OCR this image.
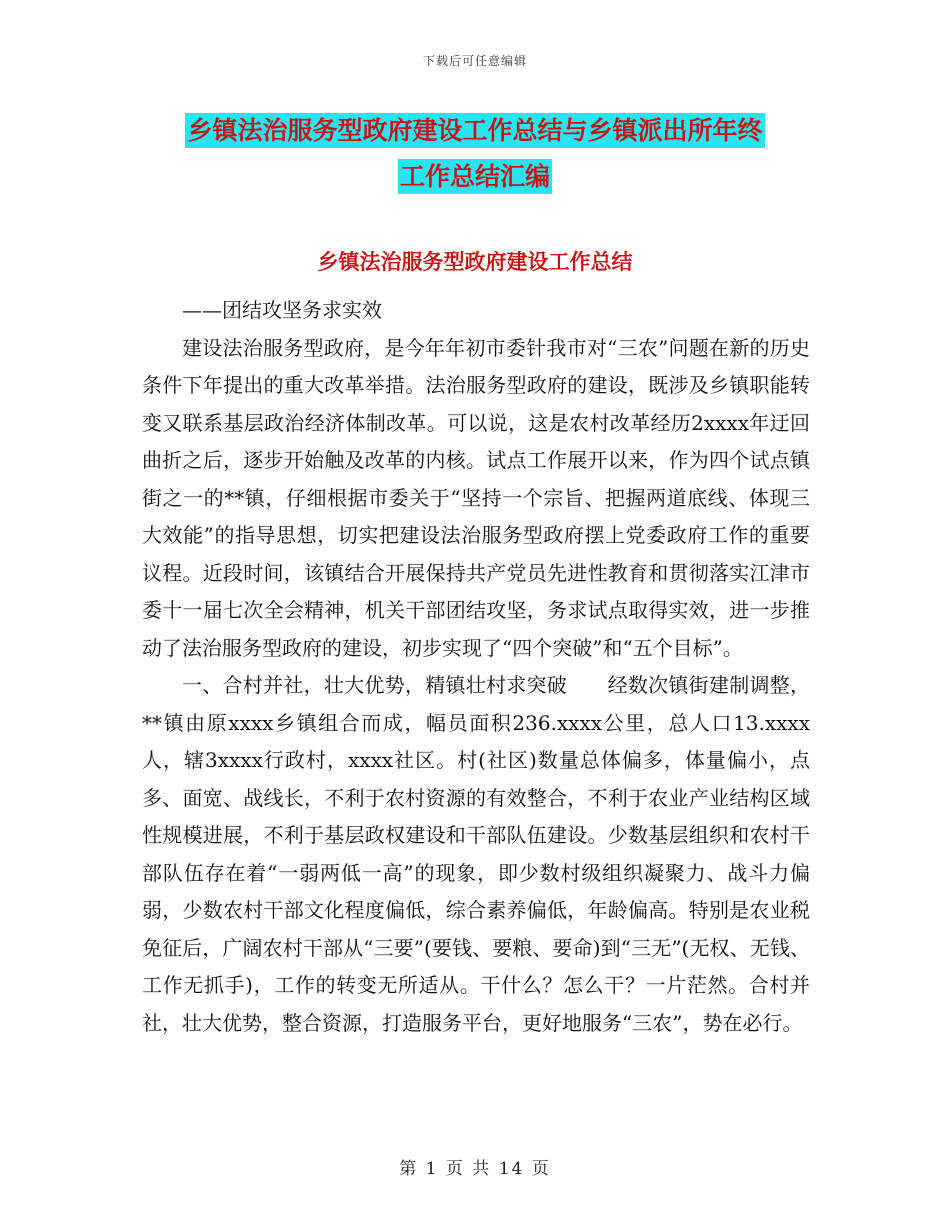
下载后可任意编辑
乡镇法治服务型政府建设工作总结与乡镇派出所年终
工作总结汇编
乡镇法治服务型政府建设工作总结

——团结攻坚务求实效

建设法治服务型政府，是今年年初市委针我市对“三农”问题在新的历史条件下年提出的重大改革举措。法治服务型政府的建设，既涉及乡镇职能转变又联系基层政治经济体制改革。可以说，这是农村改革经历2xxxx年迂回曲折之后，逐步开始触及改革的内核。试点工作展开以来，作为四个试点镇街之一的**镇，仔细根据市委关于“坚持一个宗旨、把握两道底线、体现三大效能”的指导思想，切实把建设法治服务型政府摆上党委政府工作的重要议程。近段时间，该镇结合开展保持共产党员先进性教育和贯彻落实江津市委十一届七次全会精神，机关干部团结攻坚，务求试点取得实效，进一步推动了法治服务型政府的建设，初步实现了“四个突破”和“五个目标”。

一、合村并社，壮大优势，精镇壮村求突破　　经数次镇街建制调整，**镇由原xxxx乡镇组合而成，幅员面积236.xxxx公里，总人口13.xxxx人，辖3xxxx行政村，xxxx社区。村(社区)数量总体偏多，体量偏小，点多、面宽、战线长，不利于农村资源的有效整合，不利于农业产业结构区域性规模进展，不利于基层政权建设和干部队伍建设。少数基层组织和农村干部队伍存在着“一弱两低一高”的现象，即少数村级组织凝聚力、战斗力偏弱，少数农村干部文化程度偏低，综合素养偏低，年龄偏高。特别是农业税免征后，广阔农村干部从“三要”(要钱、要粮、要命)到“三无”(无权、无钱、工作无抓手)，工作的转变无所适从。干什么？怎么干？一片茫然。合村并社，壮大优势，整合资源，打造服务平台，更好地服务“三农”，势在必行。

第 1 页 共 14 页
